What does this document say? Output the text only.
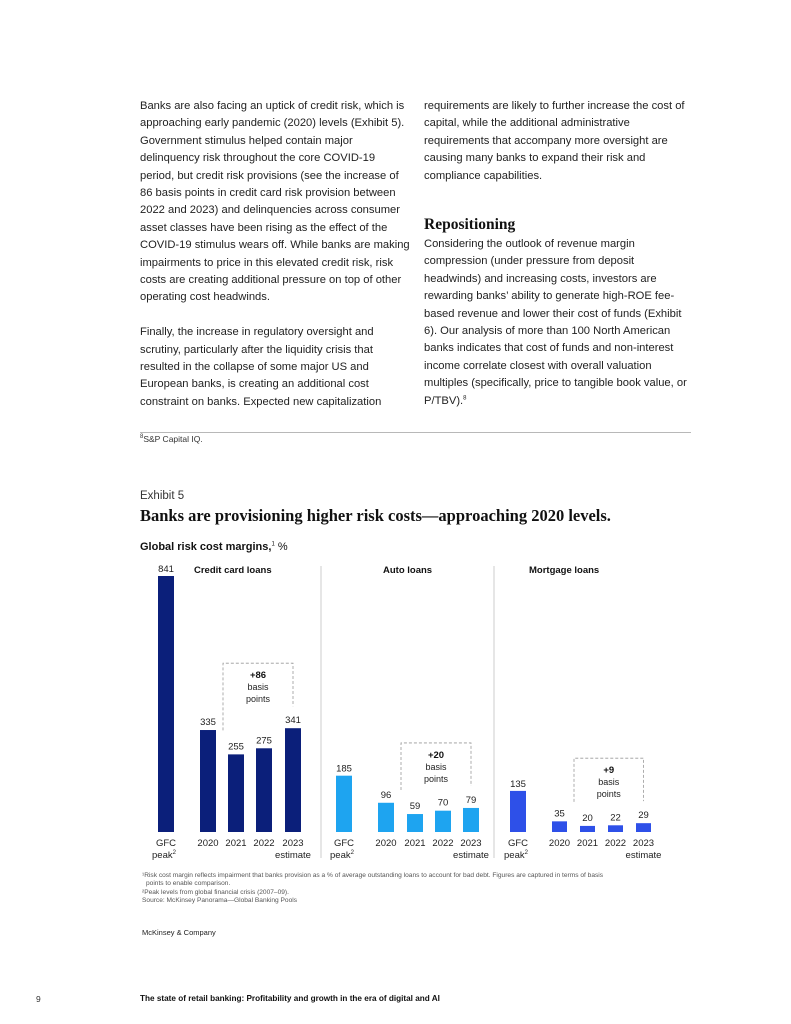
Banks are also facing an uptick of credit risk, which is approaching early pandemic (2020) levels (Exhibit 5). Government stimulus helped contain major delinquency risk throughout the core COVID-19 period, but credit risk provisions (see the increase of 86 basis points in credit card risk provision between 2022 and 2023) and delinquencies across consumer asset classes have been rising as the effect of the COVID-19 stimulus wears off. While banks are making impairments to price in this elevated credit risk, risk costs are creating additional pressure on top of other operating cost headwinds.

Finally, the increase in regulatory oversight and scrutiny, particularly after the liquidity crisis that resulted in the collapse of some major US and European banks, is creating an additional cost constraint on banks. Expected new capitalization

requirements are likely to further increase the cost of capital, while the additional administrative requirements that accompany more oversight are causing many banks to expand their risk and compliance capabilities.

Repositioning

Considering the outlook of revenue margin compression (under pressure from deposit headwinds) and increasing costs, investors are rewarding banks’ ability to generate high-ROE fee-based revenue and lower their cost of funds (Exhibit 6). Our analysis of more than 100 North American banks indicates that cost of funds and non-interest income correlate closest with overall valuation multiples (specifically, price to tangible book value, or P/TBV).$^8$

$^8$S&P Capital IQ.
Exhibit 5
Banks are provisioning higher risk costs—approaching 2020 levels.
Global risk cost margins,$^1$ %
Credit card loans
841
335
255
275
341
+86
basis
points
GFC
peak$^2$
2020 2021 2022 2023
estimate
Auto loans
185
96
59 70 79
+20
basis
points
GFC
peak$^2$
2020 2021 2022 2023
estimate
Mortgage loans
135
35 20 22 29
+9
basis
points
GFC
peak$^2$
2020 2021 2022 2023
estimate
¹Risk cost margin reflects impairment that banks provision as a % of average outstanding loans to account for bad debt. Figures are captured in terms of basis
points to enable comparison.
²Peak levels from global financial crisis (2007–09).
Source: McKinsey Panorama—Global Banking Pools
McKinsey & Company
9	The state of retail banking: Profitability and growth in the era of digital and AI
